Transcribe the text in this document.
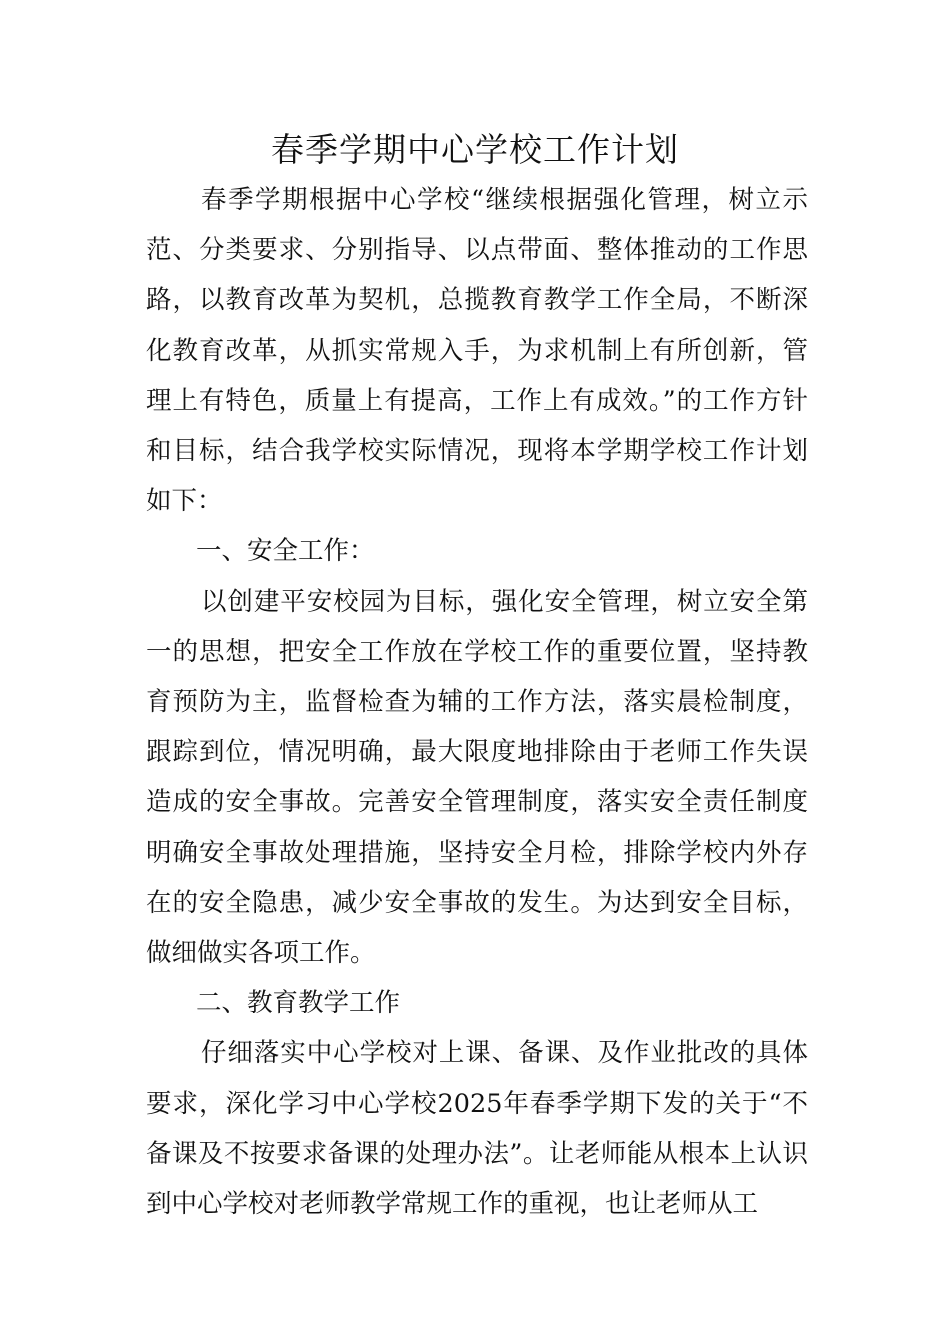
春季学期中心学校工作计划

春季学期根据中心学校“继续根据强化管理，树立示范、分类要求、分别指导、以点带面、整体推动的工作思路，以教育改革为契机，总揽教育教学工作全局，不断深化教育改革，从抓实常规入手，为求机制上有所创新，管理上有特色，质量上有提高，工作上有成效。”的工作方针和目标，结合我学校实际情况，现将本学期学校工作计划如下：

一、安全工作：

以创建平安校园为目标，强化安全管理，树立安全第一的思想，把安全工作放在学校工作的重要位置，坚持教育预防为主，监督检查为辅的工作方法，落实晨检制度，跟踪到位，情况明确，最大限度地排除由于老师工作失误造成的安全事故。完善安全管理制度，落实安全责任制度明确安全事故处理措施，坚持安全月检，排除学校内外存在的安全隐患，减少安全事故的发生。为达到安全目标，做细做实各项工作。

二、教育教学工作

仔细落实中心学校对上课、备课、及作业批改的具体要求，深化学习中心学校2025年春季学期下发的关于“不备课及不按要求备课的处理办法”。让老师能从根本上认识到中心学校对老师教学常规工作的重视，也让老师从工
